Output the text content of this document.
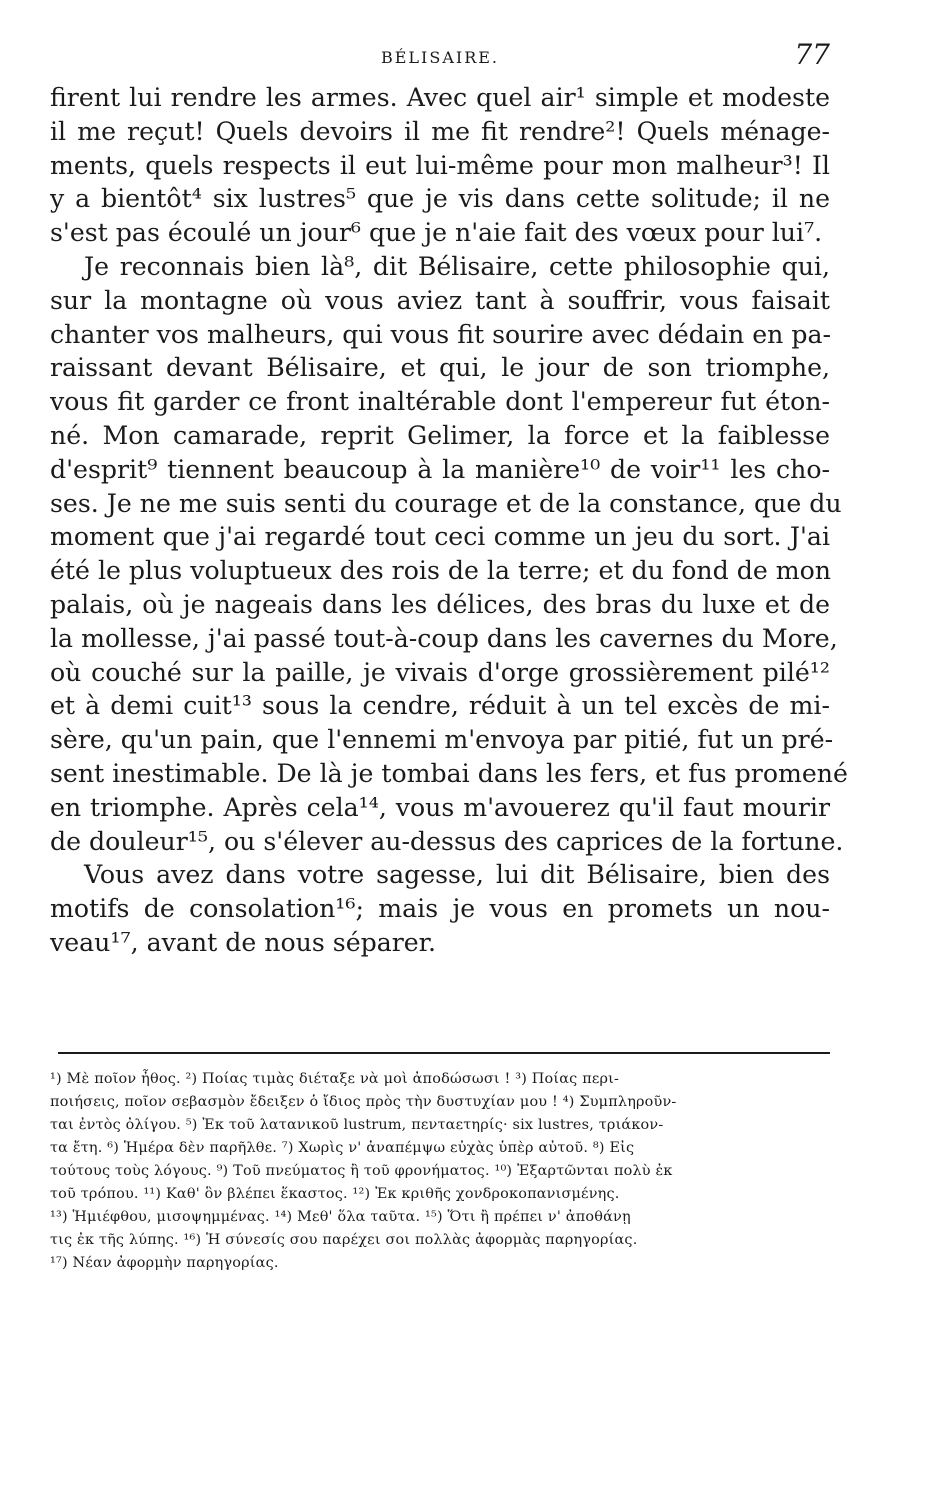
BÉLISAIRE.	77
firent lui rendre les armes. Avec quel air¹ simple et modeste
il me reçut! Quels devoirs il me fit rendre²! Quels ménage-
ments, quels respects il eut lui-même pour mon malheur³! Il
y a bientôt⁴ six lustres⁵ que je vis dans cette solitude; il ne
s'est pas écoulé un jour⁶ que je n'aie fait des vœux pour lui⁷.
Je reconnais bien là⁸, dit Bélisaire, cette philosophie qui,
sur la montagne où vous aviez tant à souffrir, vous faisait
chanter vos malheurs, qui vous fit sourire avec dédain en pa-
raissant devant Bélisaire, et qui, le jour de son triomphe,
vous fit garder ce front inaltérable dont l'empereur fut éton-
né. Mon camarade, reprit Gelimer, la force et la faiblesse
d'esprit⁹ tiennent beaucoup à la manière¹⁰ de voir¹¹ les cho-
ses. Je ne me suis senti du courage et de la constance, que du
moment que j'ai regardé tout ceci comme un jeu du sort. J'ai
été le plus voluptueux des rois de la terre; et du fond de mon
palais, où je nageais dans les délices, des bras du luxe et de
la mollesse, j'ai passé tout-à-coup dans les cavernes du More,
où couché sur la paille, je vivais d'orge grossièrement pilé¹²
et à demi cuit¹³ sous la cendre, réduit à un tel excès de mi-
sère, qu'un pain, que l'ennemi m'envoya par pitié, fut un pré-
sent inestimable. De là je tombai dans les fers, et fus promené
en triomphe. Après cela¹⁴, vous m'avouerez qu'il faut mourir
de douleur¹⁵, ou s'élever au-dessus des caprices de la fortune.
Vous avez dans votre sagesse, lui dit Bélisaire, bien des
motifs de consolation¹⁶; mais je vous en promets un nou-
veau¹⁷, avant de nous séparer.
¹) Μὲ ποῖον ἦθος. ²) Ποίας τιμὰς διέταξε νὰ μοὶ ἀποδώσωσι ! ³) Ποίας περι-
ποιήσεις, ποῖον σεβασμὸν ἔδειξεν ὁ ἴδιος πρὸς τὴν δυστυχίαν μου ! ⁴) Συμπληροῦν-
ται ἐντὸς ὀλίγου. ⁵) Ἐκ τοῦ λατανικοῦ lustrum, πενταετηρίς· six lustres, τριάκον-
τα ἔτη. ⁶) Ἡμέρα δὲν παρῆλθε. ⁷) Χωρὶς ν' ἀναπέμψω εὐχὰς ὑπὲρ αὐτοῦ. ⁸) Εἰς
τούτους τοὺς λόγους. ⁹) Τοῦ πνεύματος ἢ τοῦ φρονήματος. ¹⁰) Ἐξαρτῶνται πολὺ ἐκ
τοῦ τρόπου. ¹¹) Καθ' ὃν βλέπει ἕκαστος. ¹²) Ἐκ κριθῆς χονδροκοπανισμένης.
¹³) Ἡμιέφθου, μισοψημμένας. ¹⁴) Μεθ' ὅλα ταῦτα. ¹⁵) Ὅτι ἢ πρέπει ν' ἀποθάνῃ
τις ἐκ τῆς λύπης. ¹⁶) Ἡ σύνεσίς σου παρέχει σοι πολλὰς ἀφορμὰς παρηγορίας.
¹⁷) Νέαν ἀφορμὴν παρηγορίας.
